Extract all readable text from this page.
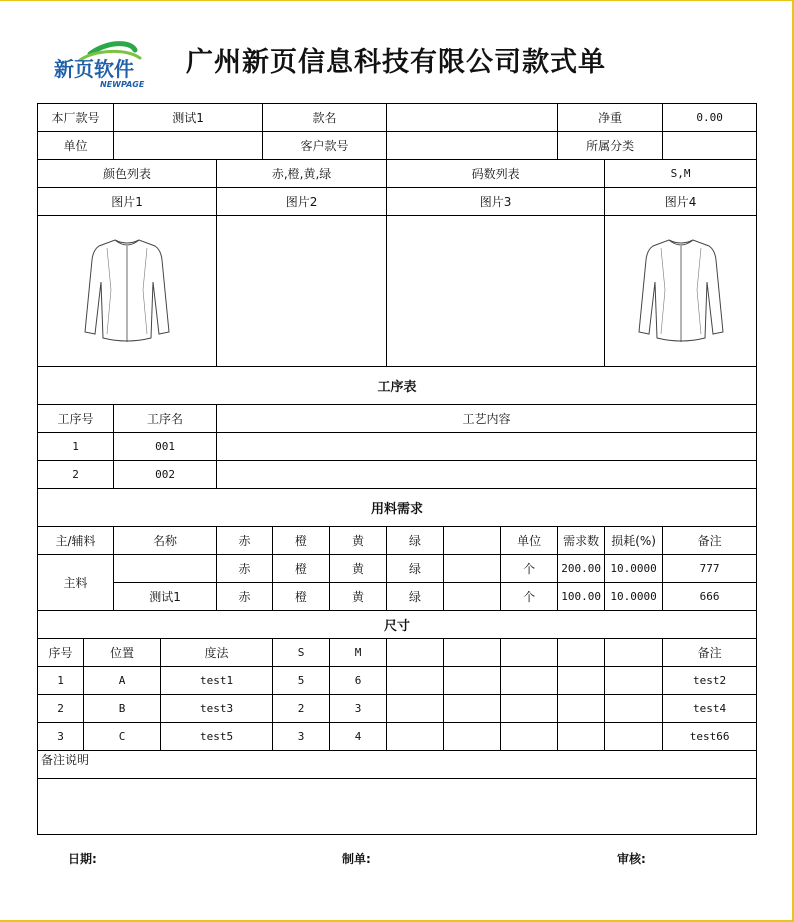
新页软件
NEWPAGE
广州新页信息科技有限公司款式单
本厂款号		测试1			款名						净重		0.00
单位					客户款号						所属分类		
颜色列表				赤,橙,黄,绿				码数列表				S,M	
图片1				图片2				图片3				图片4	

工序表													
工序号		工序名		工艺内容									
1		001											
2		002											
用料需求													
主/辅料		名称		赤		橙	黄	绿		单位	需求数	损耗(%)	备注
主料				赤		橙	黄	绿		个	200.00	10.0000	777
		测试1		赤		橙	黄	绿		个	100.00	10.0000	666
尺寸													
序号	位置		度法			S	M						备注
1	A		test1			5	6						test2
2	B		test3			2	3						test4
3	C		test5			3	4						test66
备注说明													

日期:	制单:	审核:
